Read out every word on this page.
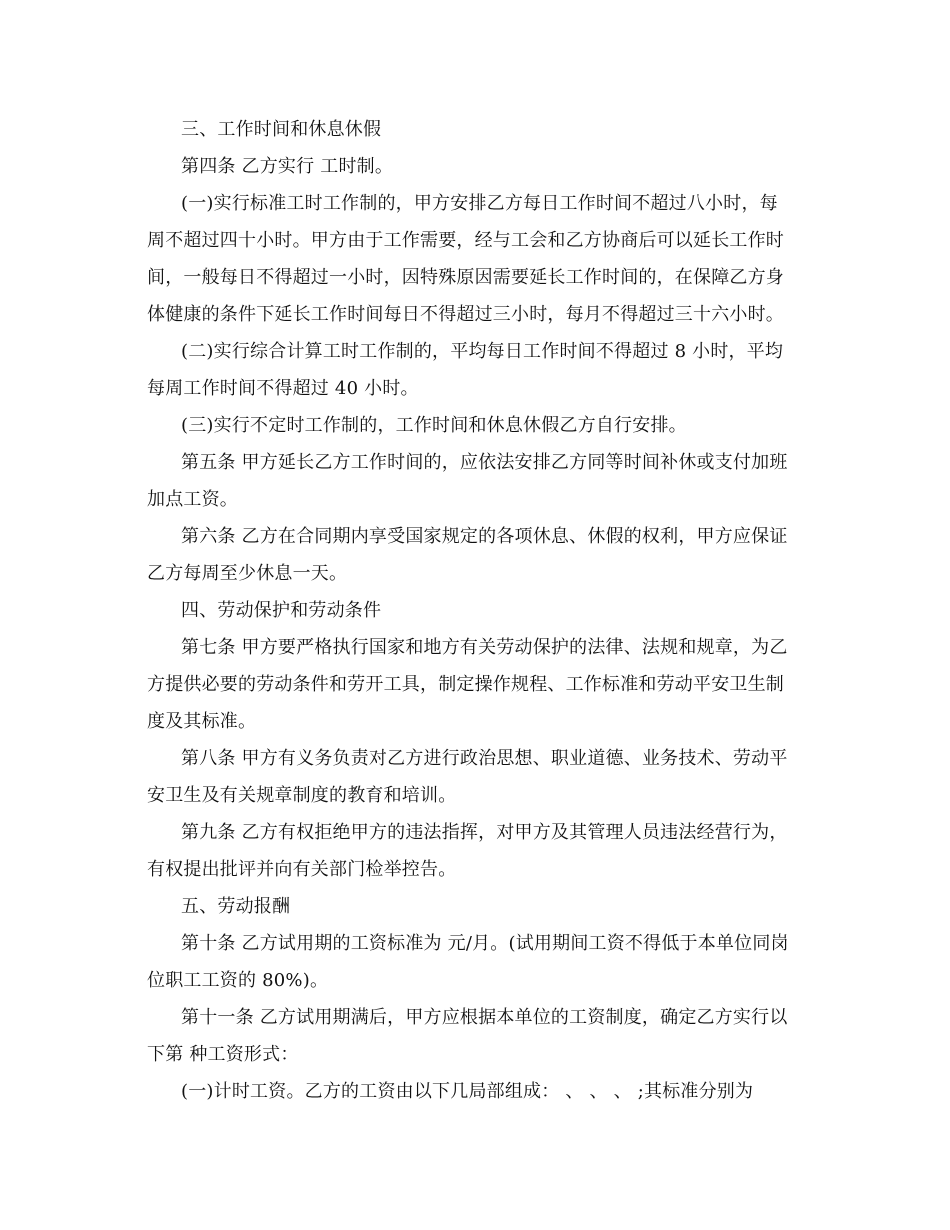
三、工作时间和休息休假
第四条 乙方实行 工时制。
(一)实行标准工时工作制的，甲方安排乙方每日工作时间不超过八小时，每
周不超过四十小时。甲方由于工作需要，经与工会和乙方协商后可以延长工作时
间，一般每日不得超过一小时，因特殊原因需要延长工作时间的，在保障乙方身
体健康的条件下延长工作时间每日不得超过三小时，每月不得超过三十六小时。
(二)实行综合计算工时工作制的，平均每日工作时间不得超过 8 小时，平均
每周工作时间不得超过 40 小时。
(三)实行不定时工作制的，工作时间和休息休假乙方自行安排。
第五条 甲方延长乙方工作时间的，应依法安排乙方同等时间补休或支付加班
加点工资。
第六条 乙方在合同期内享受国家规定的各项休息、休假的权利，甲方应保证
乙方每周至少休息一天。
四、劳动保护和劳动条件
第七条 甲方要严格执行国家和地方有关劳动保护的法律、法规和规章，为乙
方提供必要的劳动条件和劳开工具，制定操作规程、工作标准和劳动平安卫生制
度及其标准。
第八条 甲方有义务负责对乙方进行政治思想、职业道德、业务技术、劳动平
安卫生及有关规章制度的教育和培训。
第九条 乙方有权拒绝甲方的违法指挥，对甲方及其管理人员违法经营行为，
有权提出批评并向有关部门检举控告。
五、劳动报酬
第十条 乙方试用期的工资标准为 元/月。(试用期间工资不得低于本单位同岗
位职工工资的 80%)。
第十一条 乙方试用期满后，甲方应根据本单位的工资制度，确定乙方实行以
下第 种工资形式：
(一)计时工资。乙方的工资由以下几局部组成： 、 、 、 ;其标准分别为
